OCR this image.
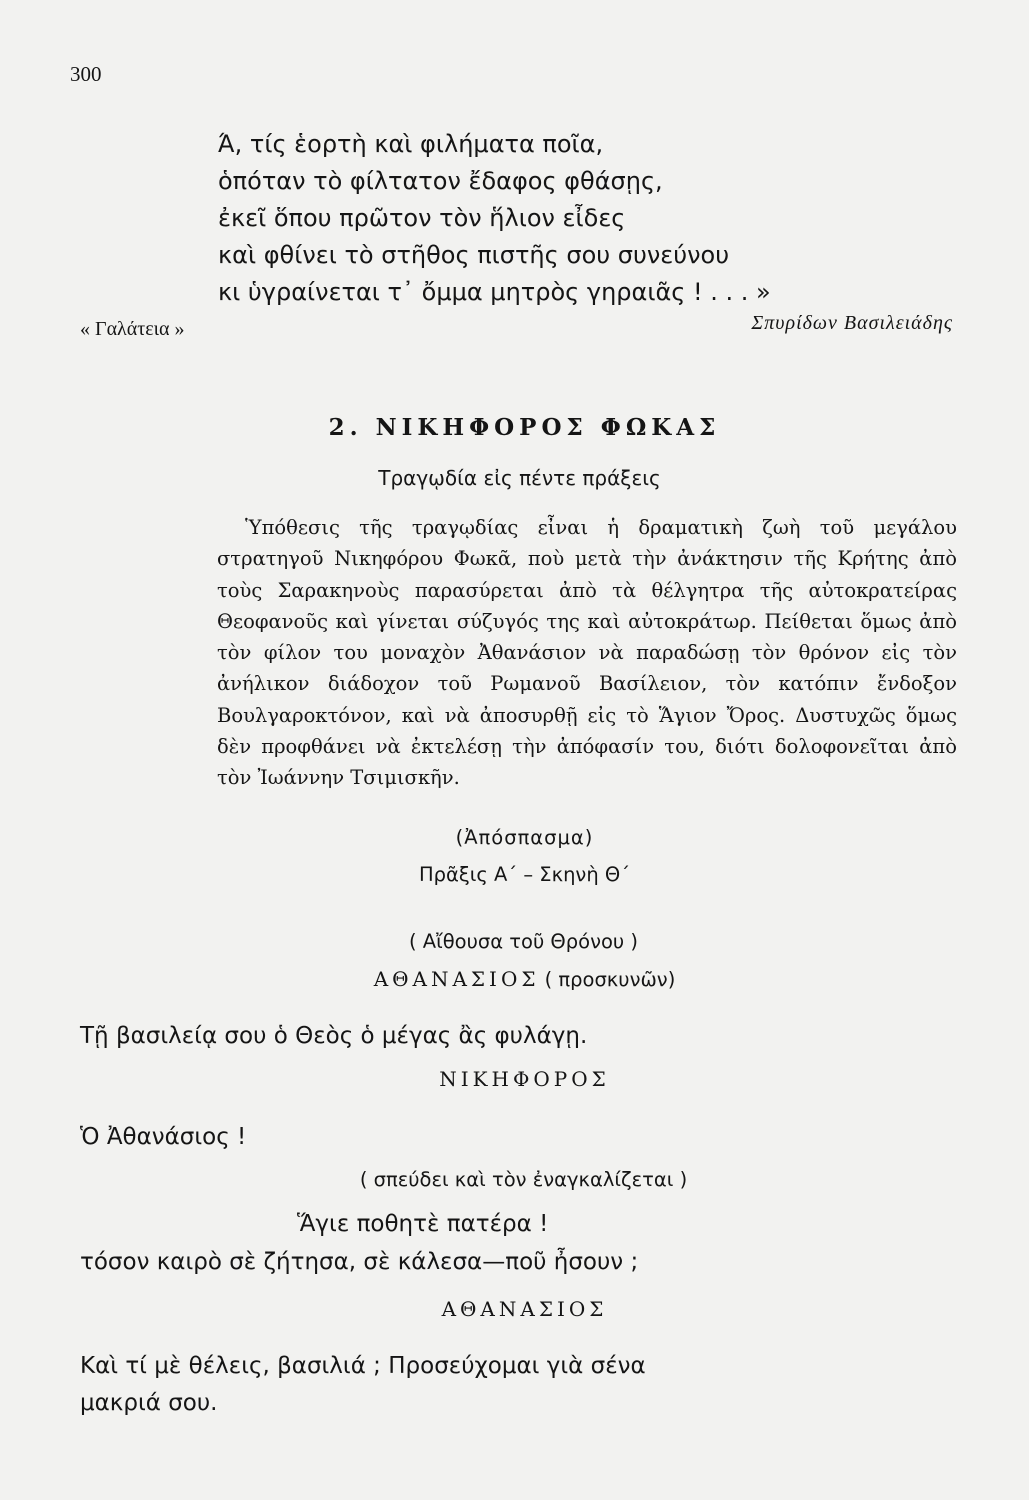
300
Ά, τίς ἑορτὴ καὶ φιλήματα ποῖα,
ὁπόταν τὸ φίλτατον ἔδαφος φθάσῃς,
ἐκεῖ ὅπου πρῶτον τὸν ἥλιον εἶδες
καὶ φθίνει τὸ στῆθος πιστῆς σου συνεύνου
κι ὑγραίνεται τ᾽ ὄμμα μητρὸς γηραιᾶς ! . . . »
« Γαλάτεια »	Σπυρίδων Βασιλειάδης
2. ΝΙΚΗΦΟΡΟΣ ΦΩΚΑΣ
Τραγῳδία εἰς πέντε πράξεις

Ὑπόθεσις τῆς τραγῳδίας εἶναι ἡ δραματικὴ ζωὴ τοῦ μεγάλου στρατηγοῦ Νικηφόρου Φωκᾶ, ποὺ μετὰ τὴν ἀνάκτησιν τῆς Κρήτης ἀπὸ τοὺς Σαρακηνοὺς παρασύρεται ἀπὸ τὰ θέλγητρα τῆς αὐτοκρατείρας Θεοφανοῦς καὶ γίνεται σύζυγός της καὶ αὐτοκράτωρ. Πείθεται ὅμως ἀπὸ τὸν φίλον του μοναχὸν Ἀθανάσιον νὰ παραδώσῃ τὸν θρόνον εἰς τὸν ἀνήλικον διάδοχον τοῦ Ρωμανοῦ Βασίλειον, τὸν κατόπιν ἔνδοξον Βουλγαροκτόνον, καὶ νὰ ἀποσυρθῇ εἰς τὸ Ἅγιον Ὄρος. Δυστυχῶς ὅμως δὲν προφθάνει νὰ ἐκτελέσῃ τὴν ἀπόφασίν του, διότι δολοφονεῖται ἀπὸ τὸν Ἰωάννην Τσιμισκῆν.

(Ἀπόσπασμα)
Πρᾶξις Α΄ – Σκηνὴ Θ΄
( Αἴθουσα τοῦ Θρόνου )
ΑΘΑΝΑΣΙΟΣ ( προσκυνῶν)
Τῇ βασιλείᾳ σου ὁ Θεὸς ὁ μέγας ἂς φυλάγῃ.
ΝΙΚΗΦΟΡΟΣ
Ὁ Ἀθανάσιος !
( σπεύδει καὶ τὸν ἐναγκαλίζεται )
Ἅγιε ποθητὲ πατέρα !
τόσον καιρὸ σὲ ζήτησα, σὲ κάλεσα—ποῦ ἦσουν ;
ΑΘΑΝΑΣΙΟΣ
Καὶ τί μὲ θέλεις, βασιλιά ; Προσεύχομαι γιὰ σένα
μακριά σου.
